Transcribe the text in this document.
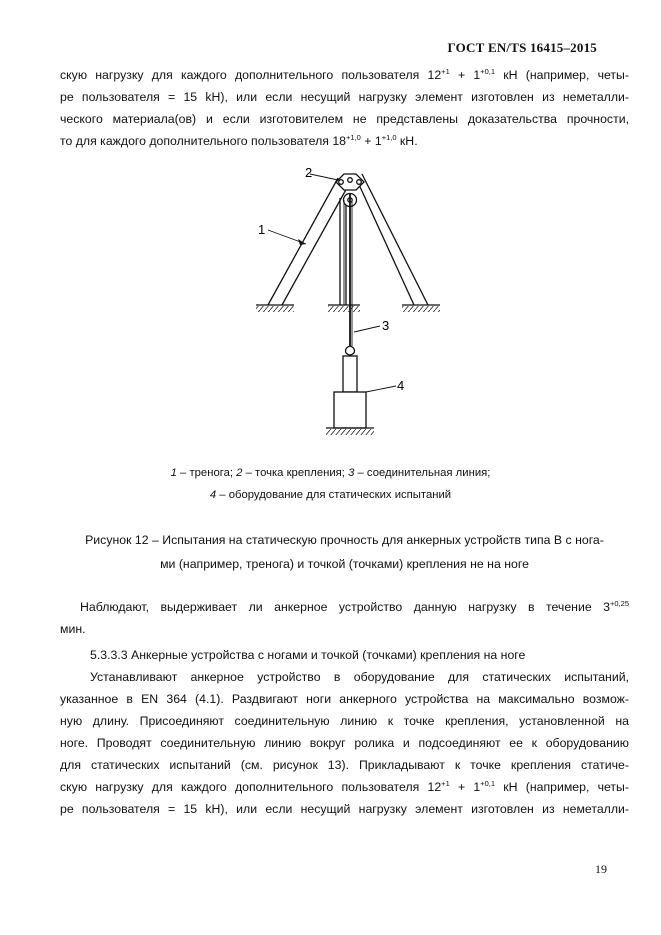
ГОСТ EN/TS 16415–2015
скую нагрузку для каждого дополнительного пользователя $12^{+1} + 1^{+0,1}$ кН (например, четы-
ре пользователя = 15 kH), или если несущий нагрузку элемент изготовлен из неметалли-
ческого материала(ов) и если изготовителем не представлены доказательства прочности,
то для каждого дополнительного пользователя $18^{+1,0} + 1^{+1,0}$ кН.
1
2
3
4
1 – тренога; 2 – точка крепления; 3 – соединительная линия;
4 – оборудование для статических испытаний
Рисунок 12 – Испытания на статическую прочность для анкерных устройств типа В с нога-
ми (например, тренога) и точкой (точками) крепления не на ноге
Наблюдают, выдерживает ли анкерное устройство данную нагрузку в течение $3^{+0,25}$
мин.
5.3.3.3 Анкерные устройства с ногами и точкой (точками) крепления на ноге
Устанавливают анкерное устройство в оборудование для статических испытаний,
указанное в EN 364 (4.1). Раздвигают ноги анкерного устройства на максимально возмож-
ную длину. Присоединяют соединительную линию к точке крепления, установленной на
ноге. Проводят соединительную линию вокруг ролика и подсоединяют ее к оборудованию
для статических испытаний (см. рисунок 13). Прикладывают к точке крепления статиче-
скую нагрузку для каждого дополнительного пользователя $12^{+1} + 1^{+0,1}$ кН (например, четы-
ре пользователя = 15 kH), или если несущий нагрузку элемент изготовлен из неметалли-
19
